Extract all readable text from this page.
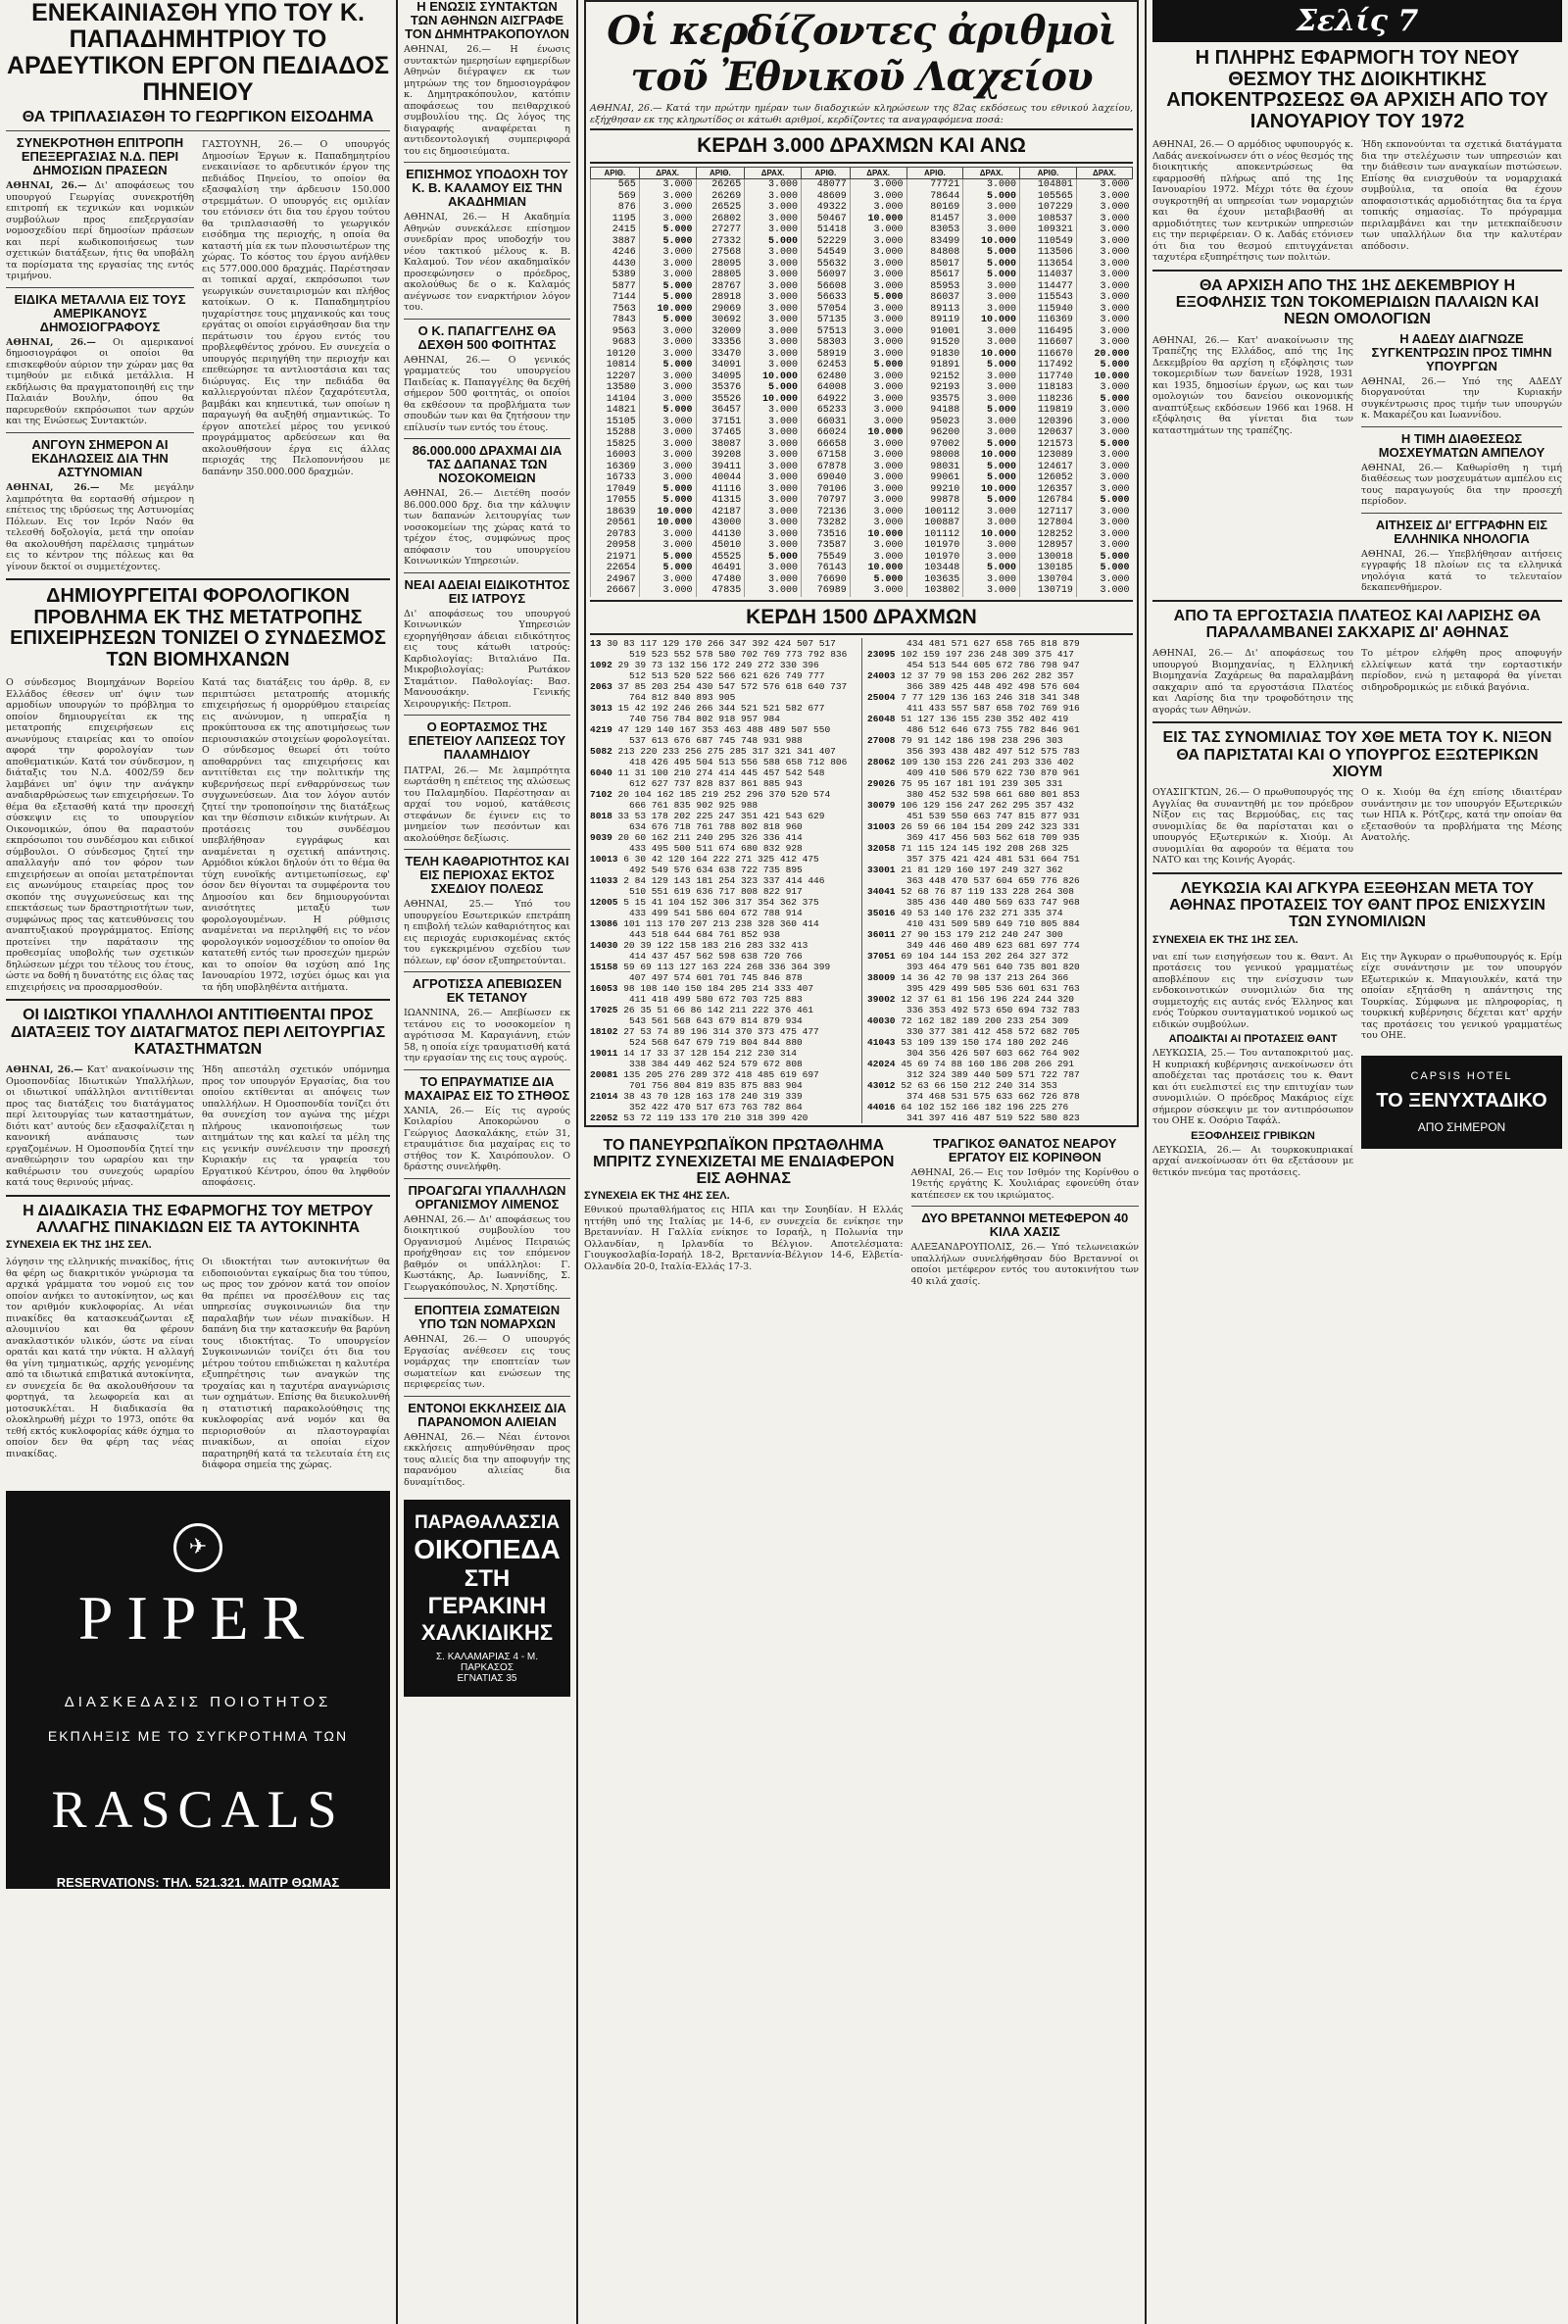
ΕΝΕΚΑΙΝΙΑΣΘΗ ΥΠΟ ΤΟΥ Κ. ΠΑΠΑΔΗΜΗΤΡΙΟΥ ΤΟ ΑΡΔΕΥΤΙΚΟΝ ΕΡΓΟΝ ΠΕΔΙΑΔΟΣ ΠΗΝΕΙΟΥ
ΘΑ ΤΡΙΠΛΑΣΙΑΣΘΗ ΤΟ ΓΕΩΡΓΙΚΟΝ ΕΙΣΟΔΗΜΑ
ΣΥΝΕΚΡΟΤΗΘΗ ΕΠΙΤΡΟΠΗ ΕΠΕΞΕΡΓΑΣΙΑΣ Ν.Δ. ΠΕΡΙ ΔΗΜΟΣΙΩΝ ΠΡΑΣΕΩΝ

ΑΘΗΝΑΙ, 26.— Δι' αποφάσεως του υπουργού Γεωργίας συνεκροτήθη επιτροπή εκ τεχνικών και νομικών συμβούλων προς επεξεργασίαν νομοσχεδίου περί δημοσίων πράσεων και περί κωδικοποιήσεως των σχετικών διατάξεων, ήτις θα υποβάλη τα πορίσματα της εργασίας της εντός τριμήνου.

ΕΙΔΙΚΑ ΜΕΤΑΛΛΙΑ ΕΙΣ ΤΟΥΣ ΑΜΕΡΙΚΑΝΟΥΣ ΔΗΜΟΣΙΟΓΡΑΦΟΥΣ

ΑΘΗΝΑΙ, 26.— Οι αμερικανοί δημοσιογράφοι οι οποίοι θα επισκεφθούν αύριον την χώραν μας θα τιμηθούν με ειδικά μετάλλια. Η εκδήλωσις θα πραγματοποιηθή εις την Παλαιάν Βουλήν, όπου θα παρευρεθούν εκπρόσωποι των αρχών και της Ενώσεως Συντακτών.

ΑΝΓΟΥΝ ΣΗΜΕΡΟΝ ΑΙ ΕΚΔΗΛΩΣΕΙΣ ΔΙΑ ΤΗΝ ΑΣΤΥΝΟΜΙΑΝ

ΑΘΗΝΑΙ, 26.— Με μεγάλην λαμπρότητα θα εορτασθή σήμερον η επέτειος της ιδρύσεως της Αστυνομίας Πόλεων. Εις τον Ιερόν Ναόν θα τελεσθή δοξολογία, μετά την οποίαν θα ακολουθήση παρέλασις τμημάτων εις το κέντρον της πόλεως και θα γίνουν δεκτοί οι συμμετέχοντες.

ΓΑΣΤΟΥΝΗ, 26.— Ο υπουργός Δημοσίων Έργων κ. Παπαδημητρίου ενεκαινίασε το αρδευτικόν έργον της πεδιάδος Πηνείου, το οποίον θα εξασφαλίση την άρδευσιν 150.000 στρεμμάτων. Ο υπουργός εις ομιλίαν του ετόνισεν ότι δια του έργου τούτου θα τριπλασιασθή το γεωργικόν εισόδημα της περιοχής, η οποία θα καταστή μία εκ των πλουσιωτέρων της χώρας. Το κόστος του έργου ανήλθεν εις 577.000.000 δραχμάς. Παρέστησαν αι τοπικαί αρχαί, εκπρόσωποι των γεωργικών συνεταιρισμών και πλήθος κατοίκων. Ο κ. Παπαδημητρίου ηυχαρίστησε τους μηχανικούς και τους εργάτας οι οποίοι ειργάσθησαν δια την περάτωσιν του έργου εντός του προβλεφθέντος χρόνου. Εν συνεχεία ο υπουργός περιηγήθη την περιοχήν και επεθεώρησε τα αντλιοστάσια και τας διώρυγας. Εις την πεδιάδα θα καλλιεργούνται πλέον ζαχαρότευτλα, βαμβάκι και κηπευτικά, των οποίων η παραγωγή θα αυξηθή σημαντικώς. Το έργον αποτελεί μέρος του γενικού προγράμματος αρδεύσεων και θα ακολουθήσουν έργα εις άλλας περιοχάς της Πελοποννήσου με δαπάνην 350.000.000 δραχμών.

ΔΗΜΙΟΥΡΓΕΙΤΑΙ ΦΟΡΟΛΟΓΙΚΟΝ ΠΡΟΒΛΗΜΑ ΕΚ ΤΗΣ ΜΕΤΑΤΡΟΠΗΣ ΕΠΙΧΕΙΡΗΣΕΩΝ ΤΟΝΙΖΕΙ Ο ΣΥΝΔΕΣΜΟΣ ΤΩΝ ΒΙΟΜΗΧΑΝΩΝ

Ο σύνδεσμος Βιομηχάνων Βορείου Ελλάδος έθεσεν υπ' όψιν των αρμοδίων υπουργών το πρόβλημα το οποίον δημιουργείται εκ της μετατροπής επιχειρήσεων εις ανωνύμους εταιρείας και το οποίον αφορά την φορολογίαν των αποθεματικών. Κατά τον σύνδεσμον, η διάταξις του Ν.Δ. 4002/59 δεν λαμβάνει υπ' όψιν την ανάγκην αναδιαρθρώσεως των επιχειρήσεων. Το θέμα θα εξετασθή κατά την προσεχή σύσκεψιν εις το υπουργείον Οικονομικών, όπου θα παραστούν εκπρόσωποι του συνδέσμου και ειδικοί σύμβουλοι. Ο σύνδεσμος ζητεί την απαλλαγήν από τον φόρον των επιχειρήσεων αι οποίαι μετατρέπονται εις ανωνύμους εταιρείας προς τον σκοπόν της συγχωνεύσεως και της επεκτάσεως των δραστηριοτήτων των, συμφώνως προς τας κατευθύνσεις του αναπτυξιακού προγράμματος. Επίσης προτείνει την παράτασιν της προθεσμίας υποβολής των σχετικών δηλώσεων μέχρι του τέλους του έτους, ώστε να δοθή η δυνατότης εις όλας τας επιχειρήσεις να προσαρμοσθούν.

Κατά τας διατάξεις του άρθρ. 8, εν περιπτώσει μετατροπής ατομικής επιχειρήσεως ή ομορρύθμου εταιρείας εις ανώνυμον, η υπεραξία η προκύπτουσα εκ της αποτιμήσεως των περιουσιακών στοιχείων φορολογείται. Ο σύνδεσμος θεωρεί ότι τούτο αποθαρρύνει τας επιχειρήσεις και αντιτίθεται εις την πολιτικήν της κυβερνήσεως περί ενθαρρύνσεως των συγχωνεύσεων. Δια τον λόγον αυτόν ζητεί την τροποποίησιν της διατάξεως και την θέσπισιν ειδικών κινήτρων. Αι προτάσεις του συνδέσμου υπεβλήθησαν εγγράφως και αναμένεται η σχετική απάντησις. Αρμόδιοι κύκλοι δηλούν ότι το θέμα θα τύχη ευνοϊκής αντιμετωπίσεως, εφ' όσον δεν θίγονται τα συμφέροντα του Δημοσίου και δεν δημιουργούνται ανισότητες μεταξύ των φορολογουμένων. Η ρύθμισις αναμένεται να περιληφθή εις το νέον φορολογικόν νομοσχέδιον το οποίον θα κατατεθή εντός των προσεχών ημερών και το οποίον θα ισχύση από 1ης Ιανουαρίου 1972, ισχύει όμως και για τα ήδη υποβληθέντα αιτήματα.

ΟΙ ΙΔΙΩΤΙΚΟΙ ΥΠΑΛΛΗΛΟΙ ΑΝΤΙΤΙΘΕΝΤΑΙ ΠΡΟΣ ΔΙΑΤΑΞΕΙΣ ΤΟΥ ΔΙΑΤΑΓΜΑΤΟΣ ΠΕΡΙ ΛΕΙΤΟΥΡΓΙΑΣ ΚΑΤΑΣΤΗΜΑΤΩΝ

ΑΘΗΝΑΙ, 26.— Κατ' ανακοίνωσιν της Ομοσπονδίας Ιδιωτικών Υπαλλήλων, οι ιδιωτικοί υπάλληλοι αντιτίθενται προς τας διατάξεις του διατάγματος περί λειτουργίας των καταστημάτων, διότι κατ' αυτούς δεν εξασφαλίζεται η κανονική ανάπαυσις των εργαζομένων. Η Ομοσπονδία ζητεί την αναθεώρησιν του ωραρίου και την καθιέρωσιν του συνεχούς ωραρίου κατά τους θερινούς μήνας.

Ήδη απεστάλη σχετικόν υπόμνημα προς τον υπουργόν Εργασίας, δια του οποίου εκτίθενται αι απόψεις των υπαλλήλων. Η Ομοσπονδία τονίζει ότι θα συνεχίση τον αγώνα της μέχρι πλήρους ικανοποιήσεως των αιτημάτων της και καλεί τα μέλη της εις γενικήν συνέλευσιν την προσεχή Κυριακήν εις τα γραφεία του Εργατικού Κέντρου, όπου θα ληφθούν αποφάσεις.

Η ΔΙΑΔΙΚΑΣΙΑ ΤΗΣ ΕΦΑΡΜΟΓΗΣ ΤΟΥ ΜΕΤΡΟΥ ΑΛΛΑΓΗΣ ΠΙΝΑΚΙΔΩΝ ΕΙΣ ΤΑ ΑΥΤΟΚΙΝΗΤΑ
ΣΥΝΕΧΕΙΑ ΕΚ ΤΗΣ 1ΗΣ ΣΕΛ.

λόγησιν της ελληνικής πινακίδος, ήτις θα φέρη ως διακριτικόν γνώρισμα τα αρχικά γράμματα του νομού εις τον οποίον ανήκει το αυτοκίνητον, ως και τον αριθμόν κυκλοφορίας. Αι νέαι πινακίδες θα κατασκευάζωνται εξ αλουμινίου και θα φέρουν ανακλαστικόν υλικόν, ώστε να είναι ορατάι και κατά την νύκτα. Η αλλαγή θα γίνη τμηματικώς, αρχής γενομένης από τα ιδιωτικά επιβατικά αυτοκίνητα, εν συνεχεία δε θα ακολουθήσουν τα φορτηγά, τα λεωφορεία και αι μοτοσυκλέται. Η διαδικασία θα ολοκληρωθή μέχρι το 1973, οπότε θα τεθή εκτός κυκλοφορίας κάθε όχημα το οποίον δεν θα φέρη τας νέας πινακίδας.

Οι ιδιοκτήται των αυτοκινήτων θα ειδοποιούνται εγκαίρως δια του τύπου, ως προς τον χρόνον κατά τον οποίον θα πρέπει να προσέλθουν εις τας υπηρεσίας συγκοινωνιών δια την παραλαβήν των νέων πινακίδων. Η δαπάνη δια την κατασκευήν θα βαρύνη τους ιδιοκτήτας. Το υπουργείον Συγκοινωνιών τονίζει ότι δια του μέτρου τούτου επιδιώκεται η καλυτέρα εξυπηρέτησις των αναγκών της τροχαίας και η ταχυτέρα αναγνώρισις των οχημάτων. Επίσης θα διευκολυνθή η στατιστική παρακολούθησις της κυκλοφορίας ανά νομόν και θα περιορισθούν αι πλαστογραφίαι πινακίδων, αι οποίαι είχον παρατηρηθή κατά τα τελευταία έτη εις διάφορα σημεία της χώρας.

✈
PIPER
ΔΙΑΣΚΕΔΑΣΙΣ ΠΟΙΟΤΗΤΟΣ
ΕΚΠΛΗΞΙΣ ΜΕ ΤΟ ΣΥΓΚΡΟΤΗΜΑ ΤΩΝ
RASCALS
RESERVATIONS: ΤΗΛ. 521.321. ΜΑΙΤΡ ΘΩΜΑΣ
Η ΕΝΩΣΙΣ ΣΥΝΤΑΚΤΩΝ ΤΩΝ ΑΘΗΝΩΝ ΑΙΣΓΡΑΦΕ ΤΟΝ ΔΗΜΗΤΡΑΚΟΠΟΥΛΟΝ

ΑΘΗΝΑΙ, 26.— Η ένωσις συντακτών ημερησίων εφημερίδων Αθηνών διέγραψεν εκ των μητρώων της τον δημοσιογράφον κ. Δημητρακόπουλον, κατόπιν αποφάσεως του πειθαρχικού συμβουλίου της. Ως λόγος της διαγραφής αναφέρεται η αντιδεοντολογική συμπεριφορά του εις δημοσιεύματα.

ΕΠΙΣΗΜΟΣ ΥΠΟΔΟΧΗ ΤΟΥ Κ. Β. ΚΑΛΑΜΟΥ ΕΙΣ ΤΗΝ ΑΚΑΔΗΜΙΑΝ

ΑΘΗΝΑΙ, 26.— Η Ακαδημία Αθηνών συνεκάλεσε επίσημον συνεδρίαν προς υποδοχήν του νέου τακτικού μέλους κ. Β. Καλαμού. Τον νέον ακαδημαϊκόν προσεφώνησεν ο πρόεδρος, ακολούθως δε ο κ. Καλαμός ανέγνωσε τον εναρκτήριον λόγον του.

Ο Κ. ΠΑΠΑΓΓΕΛΗΣ ΘΑ ΔΕΧΘΗ 500 ΦΟΙΤΗΤΑΣ

ΑΘΗΝΑΙ, 26.— Ο γενικός γραμματεύς του υπουργείου Παιδείας κ. Παπαγγέλης θα δεχθή σήμερον 500 φοιτητάς, οι οποίοι θα εκθέσουν τα προβλήματα των σπουδών των και θα ζητήσουν την επίλυσίν των εντός του έτους.

86.000.000 ΔΡΑΧΜΑΙ ΔΙΑ ΤΑΣ ΔΑΠΑΝΑΣ ΤΩΝ ΝΟΣΟΚΟΜΕΙΩΝ

ΑΘΗΝΑΙ, 26.— Διετέθη ποσόν 86.000.000 δρχ. δια την κάλυψιν των δαπανών λειτουργίας των νοσοκομείων της χώρας κατά το τρέχον έτος, συμφώνως προς απόφασιν του υπουργείου Κοινωνικών Υπηρεσιών.

ΝΕΑΙ ΑΔΕΙΑΙ ΕΙΔΙΚΟΤΗΤΟΣ ΕΙΣ ΙΑΤΡΟΥΣ

Δι' αποφάσεως του υπουργού Κοινωνικών Υπηρεσιών εχορηγήθησαν άδειαι ειδικότητος εις τους κάτωθι ιατρούς: Καρδιολογίας: Βιταλιάνο Πα. Μικροβιολογίας: Ρωτάκον Σταμάτιον. Παθολογίας: Βασ. Μανουσάκην. Γενικής Χειρουργικής: Πετροπ.

Ο ΕΟΡΤΑΣΜΟΣ ΤΗΣ ΕΠΕΤΕΙΟΥ ΛΑΠΣΕΩΣ ΤΟΥ ΠΑΛΑΜΗΔΙΟΥ

ΠΑΤΡΑΙ, 26.— Με λαμπρότητα εωρτάσθη η επέτειος της αλώσεως του Παλαμηδίου. Παρέστησαν αι αρχαί του νομού, κατάθεσις στεφάνων δε έγινεν εις το μνημείον των πεσόντων και ακολούθησε δεξίωσις.

ΤΕΛΗ ΚΑΘΑΡΙΟΤΗΤΟΣ ΚΑΙ ΕΙΣ ΠΕΡΙΟΧΑΣ ΕΚΤΟΣ ΣΧΕΔΙΟΥ ΠΟΛΕΩΣ

ΑΘΗΝΑΙ, 25.— Υπό του υπουργείου Εσωτερικών επετράπη η επιβολή τελών καθαριότητος και εις περιοχάς ευρισκομένας εκτός του εγκεκριμένου σχεδίου των πόλεων, εφ' όσον εξυπηρετούνται.

ΑΓΡΟΤΙΣΣΑ ΑΠΕΒΙΩΣΕΝ ΕΚ ΤΕΤΑΝΟΥ

ΙΩΑΝΝΙΝΑ, 26.— Απεβίωσεν εκ τετάνου εις το νοσοκομείον η αγρότισσα Μ. Καραγιάννη, ετών 58, η οποία είχε τραυματισθή κατά την εργασίαν της εις τους αγρούς.

ΤΟ ΕΠΡΑΥΜΑΤΙΣΕ ΔΙΑ ΜΑΧΑΙΡΑΣ ΕΙΣ ΤΟ ΣΤΗΘΟΣ

ΧΑΝΙΑ, 26.— Είς τις αγρούς Κοιλαρίου Αποκορώνου ο Γεώργιος Δασκαλάκης, ετών 31, ετραυμάτισε δια μαχαίρας εις το στήθος τον Κ. Χαιρόπουλον. Ο δράστης συνελήφθη.

ΠΡΟΑΓΩΓΑΙ ΥΠΑΛΛΗΛΩΝ ΟΡΓΑΝΙΣΜΟΥ ΛΙΜΕΝΟΣ

ΑΘΗΝΑΙ, 26.— Δι' αποφάσεως του διοικητικού συμβουλίου του Οργανισμού Λιμένος Πειραιώς προήχθησαν εις τον επόμενον βαθμόν οι υπάλληλοι: Γ. Κωστάκης, Αρ. Ιωαννίδης, Σ. Γεωργακόπουλος, Ν. Χρηστίδης.

ΕΠΟΠΤΕΙΑ ΣΩΜΑΤΕΙΩΝ ΥΠΟ ΤΩΝ ΝΟΜΑΡΧΩΝ

ΑΘΗΝΑΙ, 26.— Ο υπουργός Εργασίας ανέθεσεν εις τους νομάρχας την εποπτείαν των σωματείων και ενώσεων της περιφερείας των.

ΕΝΤΟΝΟΙ ΕΚΚΛΗΣΕΙΣ ΔΙΑ ΠΑΡΑΝΟΜΟΝ ΑΛΙΕΙΑΝ

ΑΘΗΝΑΙ, 26.— Νέαι έντονοι εκκλήσεις απηυθύνθησαν προς τους αλιείς δια την αποφυγήν της παρανόμου αλιείας δια δυναμίτιδος.

ΠΑΡΑΘΑΛΑΣΣΙΑ
ΟΙΚΟΠΕΔΑ
ΣΤΗ ΓΕΡΑΚΙΝΗ
ΧΑΛΚΙΔΙΚΗΣ
Σ. ΚΑΛΑΜΑΡΙΑΣ 4 - Μ. ΠΑΡΚΑΣΟΣ
ΕΓΝΑΤΙΑΣ 35
Οἱ κερδίζοντες ἀριθμοὶ τοῦ Ἐθνικοῦ Λαχείου

ΑΘΗΝΑΙ, 26.— Κατά την πρώτην ημέραν των διαδοχικών κληρώσεων της 82ας εκδόσεως του εθνικού λαχείου, εξήχθησαν εκ της κληρωτίδος οι κάτωθι αριθμοί, κερδίζοντες τα αναγραφόμενα ποσά:

ΚΕΡΔΗ 3.000 ΔΡΑΧΜΩΝ ΚΑΙ ΑΝΩ
ΑΡΙΘ.	ΔΡΑΧ.	ΑΡΙΘ.	ΔΡΑΧ.	ΑΡΙΘ.	ΔΡΑΧ.	ΑΡΙΘ.	ΔΡΑΧ.	ΑΡΙΘ.	ΔΡΑΧ.
565	3.000	26265	3.000	48077	3.000	77721	3.000	104801	3.000
569	3.000	26269	3.000	48609	3.000	78644	5.000	105565	3.000
876	3.000	26525	3.000	49322	3.000	80169	3.000	107229	3.000
1195	3.000	26802	3.000	50467	10.000	81457	3.000	108537	3.000
2415	5.000	27277	3.000	51418	3.000	83053	3.000	109321	3.000
3887	5.000	27332	5.000	52229	3.000	83499	10.000	110549	3.000
4246	3.000	27568	3.000	54549	3.000	84808	5.000	113506	3.000
4430	3.000	28095	3.000	55632	3.000	85017	5.000	113654	3.000
5389	3.000	28805	3.000	56097	3.000	85617	5.000	114037	3.000
5877	5.000	28767	3.000	56608	3.000	85953	3.000	114477	3.000
7144	5.000	28918	3.000	56633	5.000	86037	3.000	115543	3.000
7563	10.000	29069	3.000	57054	3.000	89113	3.000	115940	3.000
7843	5.000	30692	3.000	57135	3.000	89119	10.000	116369	3.000
9563	3.000	32009	3.000	57513	3.000	91001	3.000	116495	3.000
9683	3.000	33356	3.000	58303	3.000	91520	3.000	116607	3.000
10120	3.000	33470	3.000	58919	3.000	91830	10.000	116670	20.000
10814	5.000	34091	3.000	62453	5.000	91891	5.000	117492	5.000
12207	3.000	34095	10.000	62480	3.000	92152	3.000	117740	10.000
13580	3.000	35376	5.000	64008	3.000	92193	3.000	118183	3.000
14104	3.000	35526	10.000	64922	3.000	93575	3.000	118236	5.000
14821	5.000	36457	3.000	65233	3.000	94188	5.000	119819	3.000
15105	3.000	37151	3.000	66031	3.000	95023	3.000	120396	3.000
15288	3.000	37465	3.000	66024	10.000	96200	3.000	120637	3.000
15825	3.000	38087	3.000	66658	3.000	97002	5.000	121573	5.000
16003	3.000	39208	3.000	67158	3.000	98008	10.000	123089	3.000
16369	3.000	39411	3.000	67878	3.000	98031	5.000	124617	3.000
16733	3.000	40044	3.000	69040	3.000	99061	5.000	126052	3.000
17049	5.000	41116	3.000	70106	3.000	99210	10.000	126357	3.000
17055	5.000	41315	3.000	70797	3.000	99878	5.000	126784	5.000
18639	10.000	42187	3.000	72136	3.000	100112	3.000	127117	3.000
20561	10.000	43000	3.000	73282	3.000	100887	3.000	127804	3.000
20783	3.000	44130	3.000	73516	10.000	101112	10.000	128252	3.000
20958	3.000	45010	3.000	73587	3.000	101970	3.000	128957	3.000
21971	5.000	45525	5.000	75549	3.000	101970	3.000	130018	5.000
22654	5.000	46491	3.000	76143	10.000	103448	5.000	130185	5.000
24967	3.000	47480	3.000	76690	5.000	103635	3.000	130704	3.000
26667	3.000	47835	3.000	76989	3.000	103802	3.000	130719	3.000
ΚΕΡΔΗ 1500 ΔΡΑΧΜΩΝ
13 30 83 117 129 170 266 347 392 424 507 517
519 523 552 578 580 702 769 773 792 836
1092 29 39 73 132 156 172 249 272 330 396
512 513 520 522 566 621 626 749 777
2063 37 85 203 254 430 547 572 576 618 640 737
764 812 840 893 905
3013 15 42 192 246 266 344 521 521 582 677
740 756 784 802 918 957 984
4219 47 129 140 167 353 463 488 489 507 550
537 613 676 687 745 748 931 988
5082 213 220 233 256 275 285 317 321 341 407
418 426 495 504 513 556 588 658 712 806
6040 11 31 100 210 274 414 445 457 542 548
612 627 737 828 837 861 885 943
7102 20 104 162 185 219 252 296 370 520 574
666 761 835 902 925 988
8018 33 53 178 202 225 247 351 421 543 629
634 676 718 761 788 802 818 960
9039 20 60 162 211 240 295 326 336 414
433 495 500 511 674 680 832 928
10013 6 30 42 120 164 222 271 325 412 475
492 549 576 634 638 722 735 895
11033 2 84 129 143 181 254 323 337 414 446
510 551 619 636 717 808 822 917
12005 5 15 41 104 152 306 317 354 362 375
433 499 541 586 604 672 788 914
13086 101 113 170 207 213 238 328 360 414
443 518 644 684 761 852 938
14030 20 39 122 158 183 216 283 332 413
414 437 457 562 598 638 720 766
15158 59 69 113 127 163 224 268 336 364 399
407 497 574 601 701 745 846 878
16053 98 108 140 150 184 205 214 333 407
411 418 499 580 672 703 725 883
17025 26 35 51 66 86 142 211 222 376 461
543 561 568 643 679 814 879 934
18102 27 53 74 89 196 314 370 373 475 477
524 568 647 679 719 804 844 880
19011 14 17 33 37 128 154 212 230 314
338 384 449 462 524 579 672 808
20081 135 205 276 289 372 418 485 619 697
701 756 804 819 835 875 883 904
21014 38 43 70 128 163 178 240 319 339
352 422 470 517 673 763 782 864
22052 53 72 119 133 170 210 318 399 420
434 481 571 627 658 765 818 879
23095 102 159 197 236 248 309 375 417
454 513 544 605 672 786 798 947
24003 12 37 79 98 153 206 262 282 357
366 389 425 448 492 498 576 604
25004 7 77 129 136 163 246 318 341 348
411 433 557 587 658 702 769 916
26048 51 127 136 155 230 352 402 419
486 512 646 673 755 782 846 961
27008 79 91 142 186 198 238 296 303
356 393 438 482 497 512 575 783
28062 109 130 153 226 241 293 336 402
409 410 506 579 622 730 870 961
29026 75 95 167 181 191 239 305 331
380 452 532 598 661 680 801 853
30079 106 129 156 247 262 295 357 432
451 539 550 663 747 815 877 931
31003 26 59 66 104 154 209 242 323 331
369 417 456 503 562 618 709 935
32058 71 115 124 145 192 208 268 325
357 375 421 424 481 531 664 751
33001 21 81 129 160 197 249 327 362
363 448 470 537 604 659 776 826
34041 52 68 76 87 119 133 228 264 308
385 436 440 480 569 633 747 968
35016 49 53 140 176 232 271 335 374
410 431 509 589 649 710 805 884
36011 27 90 153 179 212 240 247 300
349 446 460 489 623 681 697 774
37051 69 104 144 153 202 264 327 372
393 464 479 561 640 735 801 820
38009 14 36 42 70 98 137 213 264 366
395 429 499 505 536 601 631 763
39002 12 37 61 81 156 196 224 244 320
336 353 492 573 650 694 732 783
40030 72 162 182 189 200 233 254 309
330 377 381 412 458 572 682 705
41043 53 109 139 150 174 180 202 246
304 356 426 507 603 662 764 902
42024 45 69 74 88 160 186 208 266 291
312 324 389 440 509 571 722 787
43012 52 63 66 150 212 240 314 353
374 468 531 575 633 662 726 878
44016 64 102 152 166 182 196 225 276
341 397 416 487 519 522 580 823
ΤΟ ΠΑΝΕΥΡΩΠΑΪΚΟΝ ΠΡΩΤΑΘΛΗΜΑ ΜΠΡΙΤΖ ΣΥΝΕΧΙΖΕΤΑΙ ΜΕ ΕΝΔΙΑΦΕΡΟΝ ΕΙΣ ΑΘΗΝΑΣ
ΣΥΝΕΧΕΙΑ ΕΚ ΤΗΣ 4ΗΣ ΣΕΛ.

Εθνικού πρωταθλήματος εις ΗΠΑ και την Σουηδίαν. Η Ελλάς ηττήθη υπό της Ιταλίας με 14-6, εν συνεχεία δε ενίκησε την Βρεταννίαν. Η Γαλλία ενίκησε το Ισραήλ, η Πολωνία την Ολλανδίαν, η Ιρλανδία το Βέλγιον. Αποτελέσματα: Γιουγκοσλαβία-Ισραήλ 18-2, Βρεταννία-Βέλγιον 14-6, Ελβετία-Ολλανδία 20-0, Ιταλία-Ελλάς 17-3.

ΤΡΑΓΙΚΟΣ ΘΑΝΑΤΟΣ ΝΕΑΡΟΥ ΕΡΓΑΤΟΥ ΕΙΣ ΚΟΡΙΝΘΟΝ

ΑΘΗΝΑΙ, 26.— Εις τον Ισθμόν της Κορίνθου ο 19ετής εργάτης Κ. Χουλιάρας εφονεύθη όταν κατέπεσεν εκ του ικριώματος.

ΔΥΟ ΒΡΕΤΑΝΝΟΙ ΜΕΤΕΦΕΡΟΝ 40 ΚΙΛΑ ΧΑΣΙΣ

ΑΛΕΞΑΝΔΡΟΥΠΟΛΙΣ, 26.— Υπό τελωνειακών υπαλλήλων συνελήφθησαν δύο Βρεταννοί οι οποίοι μετέφερον εντός του αυτοκινήτου των 40 κιλά χασίς.

Σελίς 7
Η ΠΛΗΡΗΣ ΕΦΑΡΜΟΓΗ ΤΟΥ ΝΕΟΥ ΘΕΣΜΟΥ ΤΗΣ ΔΙΟΙΚΗΤΙΚΗΣ ΑΠΟΚΕΝΤΡΩΣΕΩΣ ΘΑ ΑΡΧΙΣΗ ΑΠΟ ΤΟΥ ΙΑΝΟΥΑΡΙΟΥ ΤΟΥ 1972

ΑΘΗΝΑΙ, 26.— Ο αρμόδιος υφυπουργός κ. Λαδάς ανεκοίνωσεν ότι ο νέος θεσμός της διοικητικής αποκεντρώσεως θα εφαρμοσθή πλήρως από της 1ης Ιανουαρίου 1972. Μέχρι τότε θα έχουν συγκροτηθή αι υπηρεσίαι των νομαρχιών και θα έχουν μεταβιβασθή αι αρμοδιότητες των κεντρικών υπηρεσιών εις την περιφέρειαν. Ο κ. Λαδάς ετόνισεν ότι δια του θεσμού επιτυγχάνεται ταχυτέρα εξυπηρέτησις των πολιτών.

Ήδη εκπονούνται τα σχετικά διατάγματα δια την στελέχωσιν των υπηρεσιών και την διάθεσιν των αναγκαίων πιστώσεων. Επίσης θα ενισχυθούν τα νομαρχιακά συμβούλια, τα οποία θα έχουν αποφασιστικάς αρμοδιότητας δια τα έργα τοπικής σημασίας. Το πρόγραμμα περιλαμβάνει και την μετεκπαίδευσιν των υπαλλήλων δια την καλυτέραν απόδοσιν.

ΘΑ ΑΡΧΙΣΗ ΑΠΟ ΤΗΣ 1ΗΣ ΔΕΚΕΜΒΡΙΟΥ Η ΕΞΟΦΛΗΣΙΣ ΤΩΝ ΤΟΚΟΜΕΡΙΔΙΩΝ ΠΑΛΑΙΩΝ ΚΑΙ ΝΕΩΝ ΟΜΟΛΟΓΙΩΝ

ΑΘΗΝΑΙ, 26.— Κατ' ανακοίνωσιν της Τραπέζης της Ελλάδος, από της 1ης Δεκεμβρίου θα αρχίση η εξόφλησις των τοκομεριδίων των δανείων 1928, 1931 και 1935, δημοσίων έργων, ως και των ομολογιών του δανείου οικονομικής αναπτύξεως εκδόσεων 1966 και 1968. Η εξόφλησις θα γίνεται δια των καταστημάτων της τραπέζης.

Η ΑΔΕΔΥ ΔΙΑΓΝΩΖΕ ΣΥΓΚΕΝΤΡΩΣΙΝ ΠΡΟΣ ΤΙΜΗΝ ΥΠΟΥΡΓΩΝ

ΑΘΗΝΑΙ, 26.— Υπό της ΑΔΕΔΥ διοργανούται την Κυριακήν συγκέντρωσις προς τιμήν των υπουργών κ. Μακαρέζου και Ιωαννίδου.

Η ΤΙΜΗ ΔΙΑΘΕΣΕΩΣ ΜΟΣΧΕΥΜΑΤΩΝ ΑΜΠΕΛΟΥ

ΑΘΗΝΑΙ, 26.— Καθωρίσθη η τιμή διαθέσεως των μοσχευμάτων αμπέλου εις τους παραγωγούς δια την προσεχή περίοδον.

ΑΙΤΗΣΕΙΣ ΔΙ' ΕΓΓΡΑΦΗΝ ΕΙΣ ΕΛΛΗΝΙΚΑ ΝΗΟΛΟΓΙΑ

ΑΘΗΝΑΙ, 26.— Υπεβλήθησαν αιτήσεις εγγραφής 18 πλοίων εις τα ελληνικά νηολόγια κατά το τελευταίον δεκαπενθήμερον.

ΑΠΟ ΤΑ ΕΡΓΟΣΤΑΣΙΑ ΠΛΑΤΕΟΣ ΚΑΙ ΛΑΡΙΣΗΣ ΘΑ ΠΑΡΑΛΑΜΒΑΝΕΙ ΣΑΚΧΑΡΙΣ ΔΙ' ΑΘΗΝΑΣ

ΑΘΗΝΑΙ, 26.— Δι' αποφάσεως του υπουργού Βιομηχανίας, η Ελληνική Βιομηχανία Ζαχάρεως θα παραλαμβάνη σακχαριν από τα εργοστάσια Πλατέος και Λαρίσης δια την τροφοδότησιν της αγοράς των Αθηνών.

Το μέτρον ελήφθη προς αποφυγήν ελλείψεων κατά την εορταστικήν περίοδον, ενώ η μεταφορά θα γίνεται σιδηροδρομικώς με ειδικά βαγόνια.

ΕΙΣ ΤΑΣ ΣΥΝΟΜΙΛΙΑΣ ΤΟΥ ΧΘΕ ΜΕΤΑ ΤΟΥ Κ. ΝΙΞΟΝ ΘΑ ΠΑΡΙΣΤΑΤΑΙ ΚΑΙ Ο ΥΠΟΥΡΓΟΣ ΕΞΩΤΕΡΙΚΩΝ ΧΙΟΥΜ

ΟΥΑΣΙΓΚΤΩΝ, 26.— Ο πρωθυπουργός της Αγγλίας θα συναντηθή με τον πρόεδρον Νίξον εις τας Βερμούδας, εις τας συνομιλίας δε θα παρίσταται και ο υπουργός Εξωτερικών κ. Χιούμ. Αι συνομιλίαι θα αφορούν τα θέματα του ΝΑΤΟ και της Κοινής Αγοράς.

Ο κ. Χιούμ θα έχη επίσης ιδιαιτέραν συνάντησιν με τον υπουργόν Εξωτερικών των ΗΠΑ κ. Ρότζερς, κατά την οποίαν θα εξετασθούν τα προβλήματα της Μέσης Ανατολής.

ΛΕΥΚΩΣΙΑ ΚΑΙ ΑΓΚΥΡΑ ΕΞΕΘΗΣΑΝ ΜΕΤΑ ΤΟΥ ΑΘΗΝΑΣ ΠΡΟΤΑΣΕΙΣ ΤΟΥ ΘΑΝΤ ΠΡΟΣ ΕΝΙΣΧΥΣΙΝ ΤΩΝ ΣΥΝΟΜΙΛΙΩΝ
ΣΥΝΕΧΕΙΑ ΕΚ ΤΗΣ 1ΗΣ ΣΕΛ.

ναι επί των εισηγήσεων του κ. Θαντ. Αι προτάσεις του γενικού γραμματέως αποβλέπουν εις την ενίσχυσιν των ενδοκοινοτικών συνομιλιών δια της συμμετοχής εις αυτάς ενός Έλληνος και ενός Τούρκου συνταγματικού νομικού ως ειδικών συμβούλων.

ΑΠΟΔΙΚΤΑΙ ΑΙ ΠΡΟΤΑΣΕΙΣ ΘΑΝΤ

ΛΕΥΚΩΣΙΑ, 25.— Του ανταποκριτού μας. Η κυπριακή κυβέρνησις ανεκοίνωσεν ότι αποδέχεται τας προτάσεις του κ. Θαντ και ότι ευελπιστεί εις την επιτυχίαν των συνομιλιών. Ο πρόεδρος Μακάριος είχε σήμερον σύσκεψιν με τον αντιπρόσωπον του ΟΗΕ κ. Οσόριο Ταφάλ.

ΕΞΟΦΛΗΣΕΙΣ ΓΡΙΒΙΚΩΝ

ΛΕΥΚΩΣΙΑ, 26.— Αι τουρκοκυπριακαί αρχαί ανεκοίνωσαν ότι θα εξετάσουν με θετικόν πνεύμα τας προτάσεις.

Εις την Άγκυραν ο πρωθυπουργός κ. Ερίμ είχε συνάντησιν με τον υπουργόν Εξωτερικών κ. Μπαγιουλκέν, κατά την οποίαν εξητάσθη η απάντησις της Τουρκίας. Σύμφωνα με πληροφορίας, η τουρκική κυβέρνησις δέχεται κατ' αρχήν τας προτάσεις του γενικού γραμματέως του ΟΗΕ.

CAPSIS HOTEL
ΤΟ ΞΕΝΥΧΤΑΔΙΚΟ
ΑΠΟ ΣΗΜΕΡΟΝ
